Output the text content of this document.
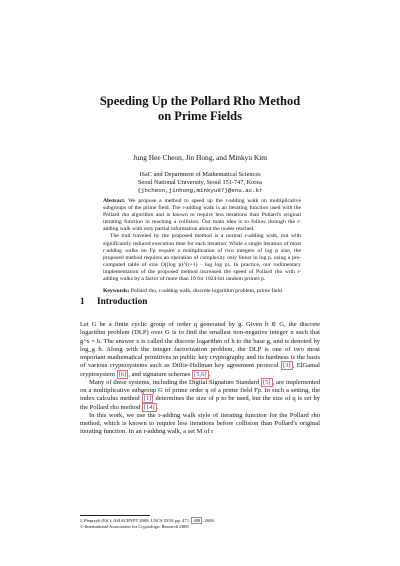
Speeding Up the Pollard Rho Method
on Prime Fields
Jung Hee Cheon, Jin Hong, and Minkyu Kim
ISaC and Department of Mathematical Sciences
Seoul National University, Seoul 151-747, Korea
{jhcheon,jinhong,minkyu97}@snu.ac.kr

Abstract. We propose a method to speed up the r-adding walk on multiplicative subgroups of the prime field. The r-adding walk is an iterating function used with the Pollard rho algorithm and is known to require less iterations than Pollard's original iterating function in reaching a collision. Our main idea is to follow through the r-adding walk with only partial information about the nodes reached.

The trail traveled by the proposed method is a normal r-adding walk, but with significantly reduced execution time for each iteration. While a single iteration of most r-adding walks on Fp require a multiplication of two integers of log p size, the proposed method requires an operation of complexity only linear in log p, using a pre-computed table of size O((log p)^(r+1) · log log p). In practice, our rudimentary implementation of the proposed method increased the speed of Pollard rho with r-adding walks by a factor of more than 10 for 1024-bit random primes p.

Keywords: Pollard rho, r-adding walk, discrete logarithm problem, prime field.

1 Introduction

Let G be a finite cyclic group of order q generated by g. Given h ∈ G, the discrete logarithm problem (DLP) over G is to find the smallest non-negative integer x such that g^x = h. The answer x is called the discrete logarithm of h to the base g, and is denoted by log_g h. Along with the integer factorization problem, the DLP is one of two most important mathematical primitives in public key cryptography and its hardness is the basis of various cryptosystems such as Diffie-Hellman key agreement protocol [3] , ElGamal cryptosystem [6] , and signature schemes [5,6] .

Many of these systems, including the Digital Signature Standard [5] , are implemented on a multiplicative subgroup G of prime order q of a prime field Fp. In such a setting, the index calculus method [1] determines the size of p to be used, but the size of q is set by the Pollard rho method [14] .

In this work, we use the r-adding walk style of iterating function for the Pollard rho method, which is known to require less iterations before collision than Pollard's original iterating function. In an r-adding walk, a set M of r

J. Pieprzyk (Ed.): ASIACRYPT 2008, LNCS 5350, pp. 471– 488 , 2008.
© International Association for Cryptologic Research 2008
